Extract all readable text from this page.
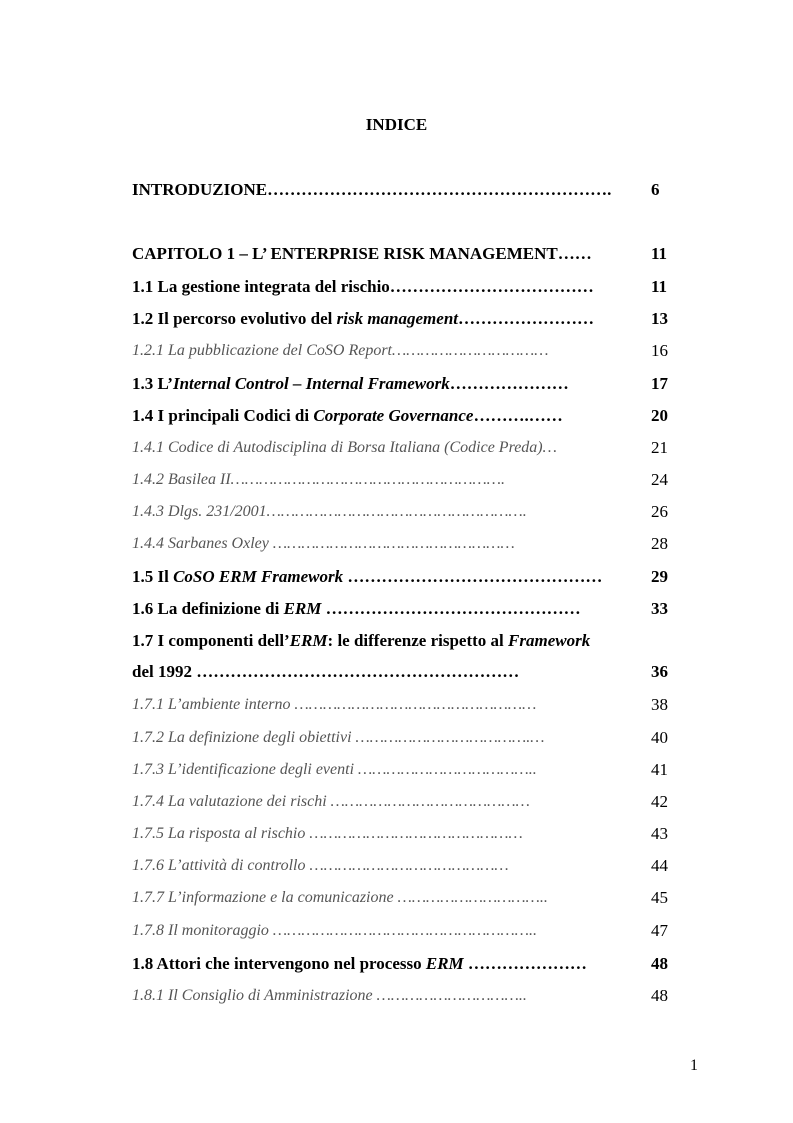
INDICE
INTRODUZIONE……………………………………………………. 6
CAPITOLO 1 – L’ ENTERPRISE RISK MANAGEMENT……	11
1.1 La gestione integrata del rischio………………………………	11
1.2 Il percorso evolutivo del risk management……………………	13
1.2.1 La pubblicazione del CoSO Report……………………………	16
1.3 L’Internal Control – Internal Framework…………………	17
1.4 I principali Codici di Corporate Governance……….……	20
1.4.1 Codice di Autodisciplina di Borsa Italiana (Codice Preda)…	21
1.4.2 Basilea II………………………………………………….	24
1.4.3 Dlgs. 231/2001……………………………………………….	26
1.4.4 Sarbanes Oxley ……………………………………………	28
1.5 Il CoSO ERM Framework ………………………………………	29
1.6 La definizione di ERM ………………………………………	33
1.7 I componenti dell’ERM: le differenze rispetto al Framework
del 1992 …………………………………………………	36
1.7.1 L’ambiente interno ……………………………………………	38
1.7.2 La definizione degli obiettivi ……………………………….…	40
1.7.3 L’identificazione degli eventi ………………………………..	41
1.7.4 La valutazione dei rischi ……………………………………	42
1.7.5 La risposta al rischio ………………………………………	43
1.7.6 L’attività di controllo ……………………………………	44
1.7.7 L’informazione e la comunicazione …………………………..	45
1.7.8 Il monitoraggio ………………………………………………..	47
1.8 Attori che intervengono nel processo ERM …………………	48
1.8.1 Il Consiglio di Amministrazione …………………………..	48
1
